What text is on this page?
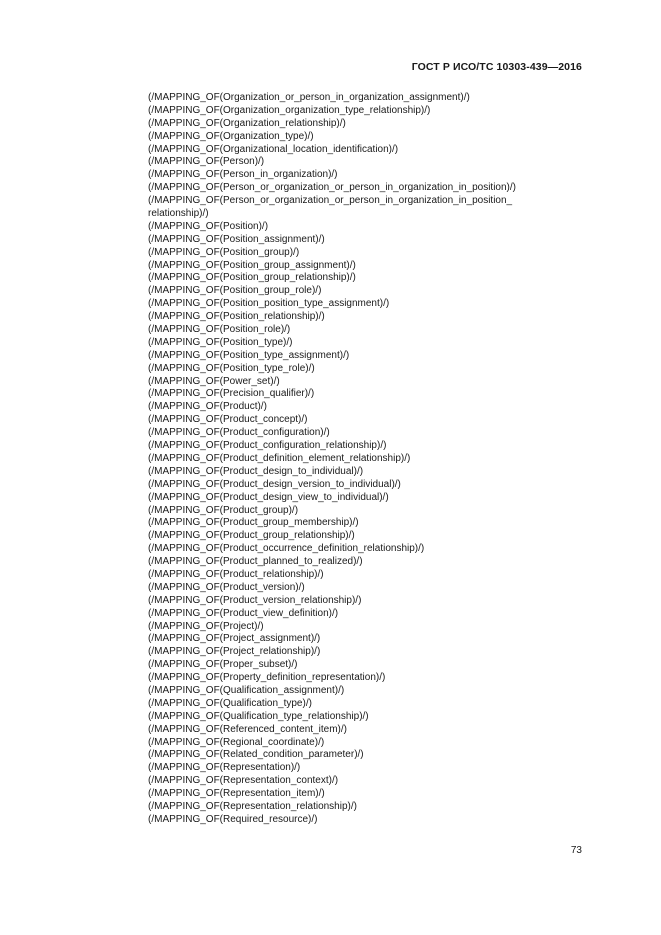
ГОСТ Р ИСО/ТС 10303-439—2016
(/MAPPING_OF(Organization_or_person_in_organization_assignment)/)
(/MAPPING_OF(Organization_organization_type_relationship)/)
(/MAPPING_OF(Organization_relationship)/)
(/MAPPING_OF(Organization_type)/)
(/MAPPING_OF(Organizational_location_identification)/)
(/MAPPING_OF(Person)/)
(/MAPPING_OF(Person_in_organization)/)
(/MAPPING_OF(Person_or_organization_or_person_in_organization_in_position)/)
(/MAPPING_OF(Person_or_organization_or_person_in_organization_in_position_
relationship)/)
(/MAPPING_OF(Position)/)
(/MAPPING_OF(Position_assignment)/)
(/MAPPING_OF(Position_group)/)
(/MAPPING_OF(Position_group_assignment)/)
(/MAPPING_OF(Position_group_relationship)/)
(/MAPPING_OF(Position_group_role)/)
(/MAPPING_OF(Position_position_type_assignment)/)
(/MAPPING_OF(Position_relationship)/)
(/MAPPING_OF(Position_role)/)
(/MAPPING_OF(Position_type)/)
(/MAPPING_OF(Position_type_assignment)/)
(/MAPPING_OF(Position_type_role)/)
(/MAPPING_OF(Power_set)/)
(/MAPPING_OF(Precision_qualifier)/)
(/MAPPING_OF(Product)/)
(/MAPPING_OF(Product_concept)/)
(/MAPPING_OF(Product_configuration)/)
(/MAPPING_OF(Product_configuration_relationship)/)
(/MAPPING_OF(Product_definition_element_relationship)/)
(/MAPPING_OF(Product_design_to_individual)/)
(/MAPPING_OF(Product_design_version_to_individual)/)
(/MAPPING_OF(Product_design_view_to_individual)/)
(/MAPPING_OF(Product_group)/)
(/MAPPING_OF(Product_group_membership)/)
(/MAPPING_OF(Product_group_relationship)/)
(/MAPPING_OF(Product_occurrence_definition_relationship)/)
(/MAPPING_OF(Product_planned_to_realized)/)
(/MAPPING_OF(Product_relationship)/)
(/MAPPING_OF(Product_version)/)
(/MAPPING_OF(Product_version_relationship)/)
(/MAPPING_OF(Product_view_definition)/)
(/MAPPING_OF(Project)/)
(/MAPPING_OF(Project_assignment)/)
(/MAPPING_OF(Project_relationship)/)
(/MAPPING_OF(Proper_subset)/)
(/MAPPING_OF(Property_definition_representation)/)
(/MAPPING_OF(Qualification_assignment)/)
(/MAPPING_OF(Qualification_type)/)
(/MAPPING_OF(Qualification_type_relationship)/)
(/MAPPING_OF(Referenced_content_item)/)
(/MAPPING_OF(Regional_coordinate)/)
(/MAPPING_OF(Related_condition_parameter)/)
(/MAPPING_OF(Representation)/)
(/MAPPING_OF(Representation_context)/)
(/MAPPING_OF(Representation_item)/)
(/MAPPING_OF(Representation_relationship)/)
(/MAPPING_OF(Required_resource)/)
73
